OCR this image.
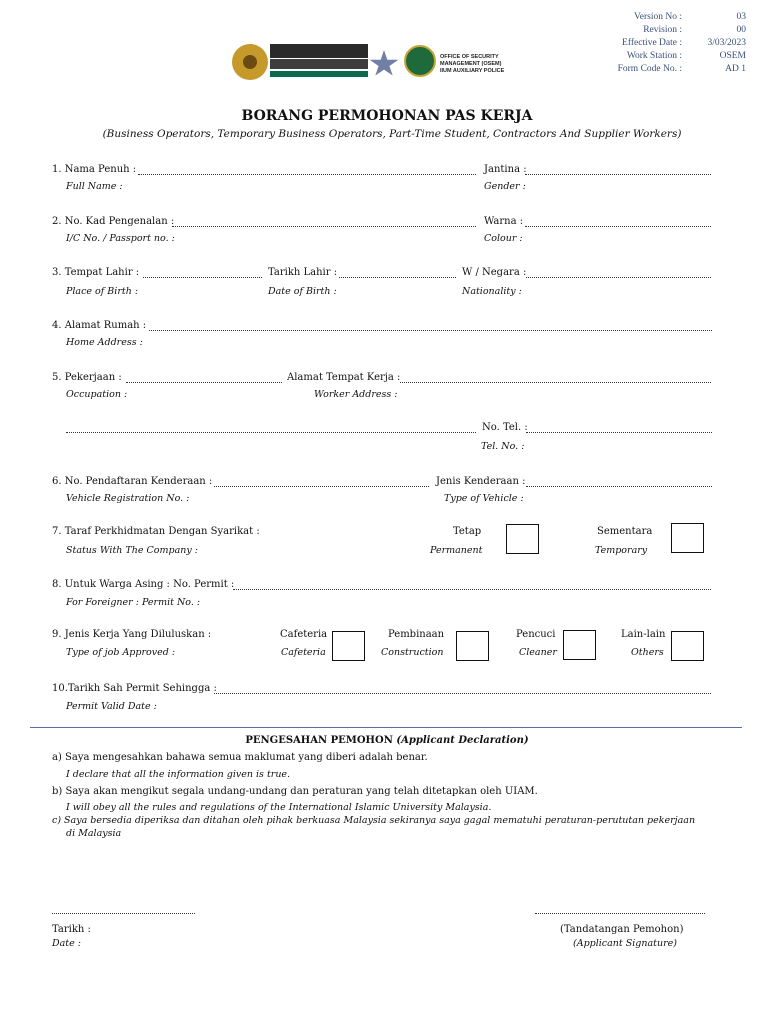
Version No :	03
Revision :	00
Effective Date :	3/03/2023
Work Station :	OSEM
Form Code No. :	AD 1
OFFICE OF SECURITY MANAGEMENT (OSEM)
IIUM AUXILIARY POLICE
BORANG PERMOHONAN PAS KERJA
(Business Operators, Temporary Business Operators, Part-Time Student, Contractors And Supplier Workers)
1. Nama Penuh :	Jantina :
Full Name :	Gender :
2. No. Kad Pengenalan :	Warna :
I/C No. / Passport no. :	Colour :
3. Tempat Lahir :	Tarikh Lahir :	W / Negara :
Place of Birth :	Date of Birth :	Nationality :
4. Alamat Rumah :
Home Address :
5. Pekerjaan :	Alamat Tempat Kerja :
Occupation :	Worker Address :
No. Tel. :
Tel. No. :
6. No. Pendaftaran Kenderaan :	Jenis Kenderaan :
Vehicle Registration No. :	Type of Vehicle :
7. Taraf Perkhidmatan Dengan Syarikat :
Status With The Company :
Tetap
Permanent
Sementara
Temporary
8. Untuk Warga Asing : No. Permit :
For Foreigner : Permit No. :
9. Jenis Kerja Yang Diluluskan :
Type of job Approved :
Cafeteria
Cafeteria
Pembinaan
Construction
Pencuci
Cleaner
Lain-lain
Others
10.Tarikh Sah Permit Sehingga :
Permit Valid Date :
PENGESAHAN PEMOHON (Applicant Declaration)
a) Saya mengesahkan bahawa semua maklumat yang diberi adalah benar.
I declare that all the information given is true.
b) Saya akan mengikut segala undang-undang dan peraturan yang telah ditetapkan oleh UIAM.
I will obey all the rules and regulations of the International Islamic University Malaysia.
c) Saya bersedia diperiksa dan ditahan oleh pihak berkuasa Malaysia sekiranya saya gagal mematuhi peraturan-perututan pekerjaan
di Malaysia
Tarikh :
Date :
(Tandatangan Pemohon)
(Applicant Signature)
